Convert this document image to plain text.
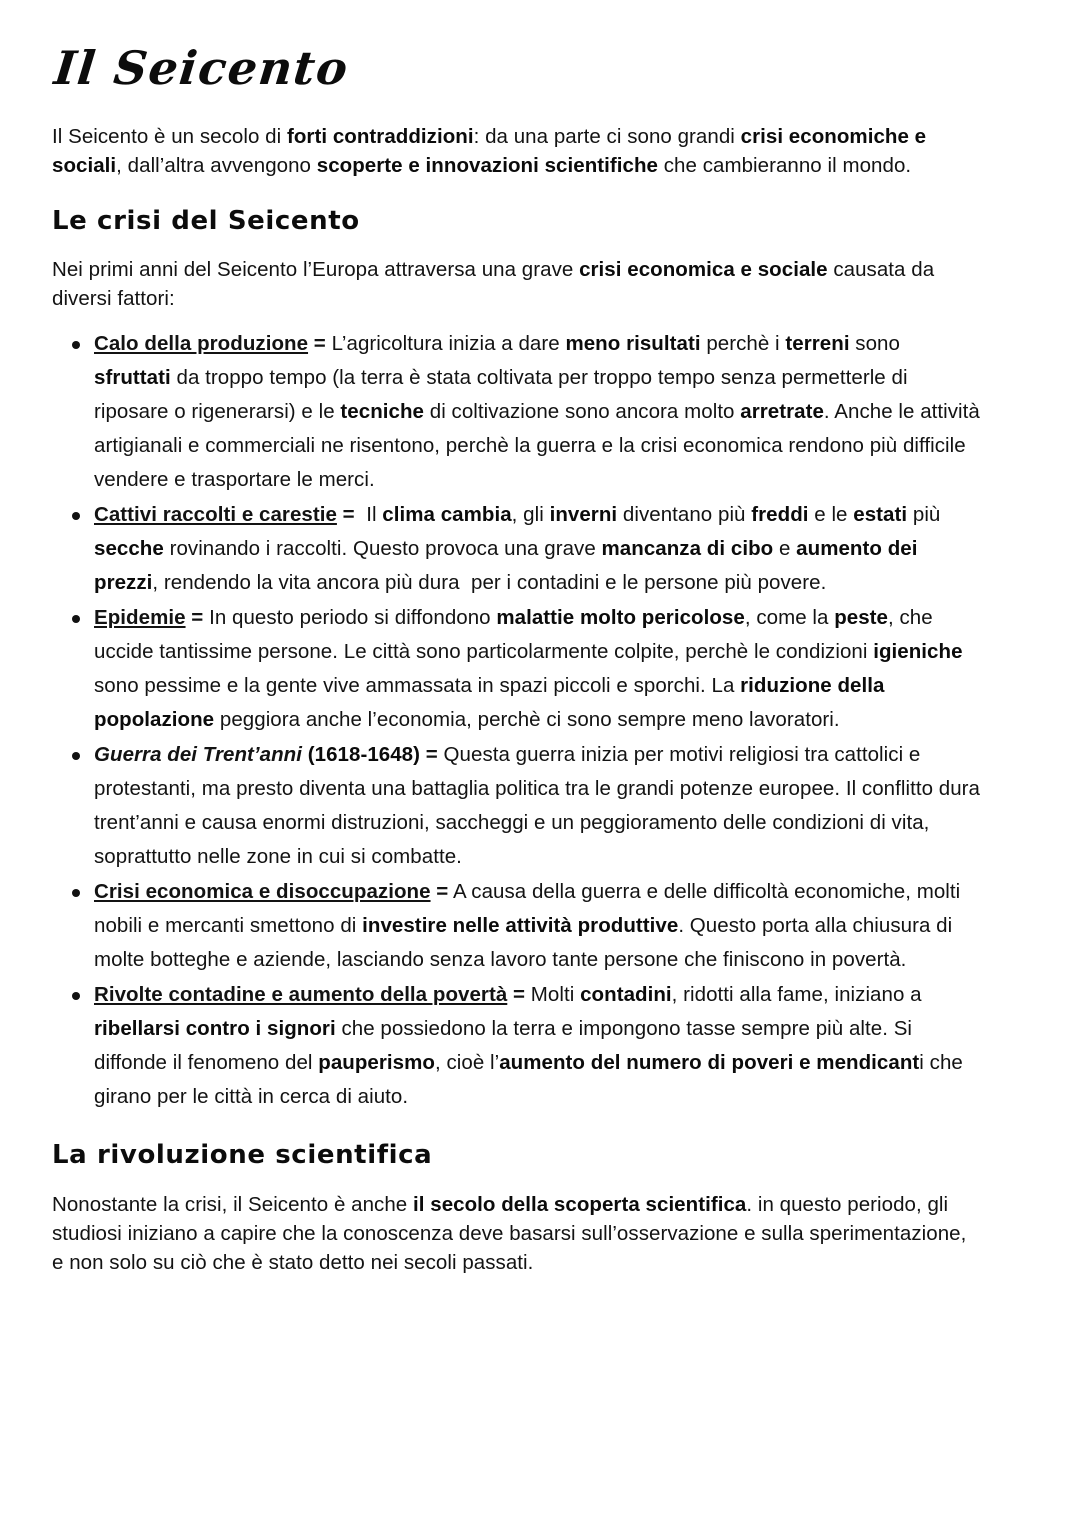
Il Seicento

Il Seicento è un secolo di forti contraddizioni: da una parte ci sono grandi crisi economiche e sociali, dall’altra avvengono scoperte e innovazioni scientifiche che cambieranno il mondo.

Le crisi del Seicento

Nei primi anni del Seicento l’Europa attraversa una grave crisi economica e sociale causata da diversi fattori:

Calo della produzione = L’agricoltura inizia a dare meno risultati perchè i terreni sono sfruttati da troppo tempo (la terra è stata coltivata per troppo tempo senza permetterle di riposare o rigenerarsi) e le tecniche di coltivazione sono ancora molto arretrate. Anche le attività artigianali e commerciali ne risentono, perchè la guerra e la crisi economica rendono più difficile vendere e trasportare le merci.
Cattivi raccolti e carestie =  Il clima cambia, gli inverni diventano più freddi e le estati più secche rovinando i raccolti. Questo provoca una grave mancanza di cibo e aumento dei prezzi, rendendo la vita ancora più dura  per i contadini e le persone più povere.
Epidemie = In questo periodo si diffondono malattie molto pericolose, come la peste, che uccide tantissime persone. Le città sono particolarmente colpite, perchè le condizioni igieniche sono pessime e la gente vive ammassata in spazi piccoli e sporchi. La riduzione della popolazione peggiora anche l’economia, perchè ci sono sempre meno lavoratori.
Guerra dei Trent’anni (1618-1648) = Questa guerra inizia per motivi religiosi tra cattolici e protestanti, ma presto diventa una battaglia politica tra le grandi potenze europee. Il conflitto dura trent’anni e causa enormi distruzioni, saccheggi e un peggioramento delle condizioni di vita, soprattutto nelle zone in cui si combatte.
Crisi economica e disoccupazione = A causa della guerra e delle difficoltà economiche, molti nobili e mercanti smettono di investire nelle attività produttive. Questo porta alla chiusura di molte botteghe e aziende, lasciando senza lavoro tante persone che finiscono in povertà.
Rivolte contadine e aumento della povertà = Molti contadini, ridotti alla fame, iniziano a ribellarsi contro i signori che possiedono la terra e impongono tasse sempre più alte. Si diffonde il fenomeno del pauperismo, cioè l’aumento del numero di poveri e mendicanti che girano per le città in cerca di aiuto.
La rivoluzione scientifica

Nonostante la crisi, il Seicento è anche il secolo della scoperta scientifica. in questo periodo, gli studiosi iniziano a capire che la conoscenza deve basarsi sull’osservazione e sulla sperimentazione, e non solo su ciò che è stato detto nei secoli passati.
